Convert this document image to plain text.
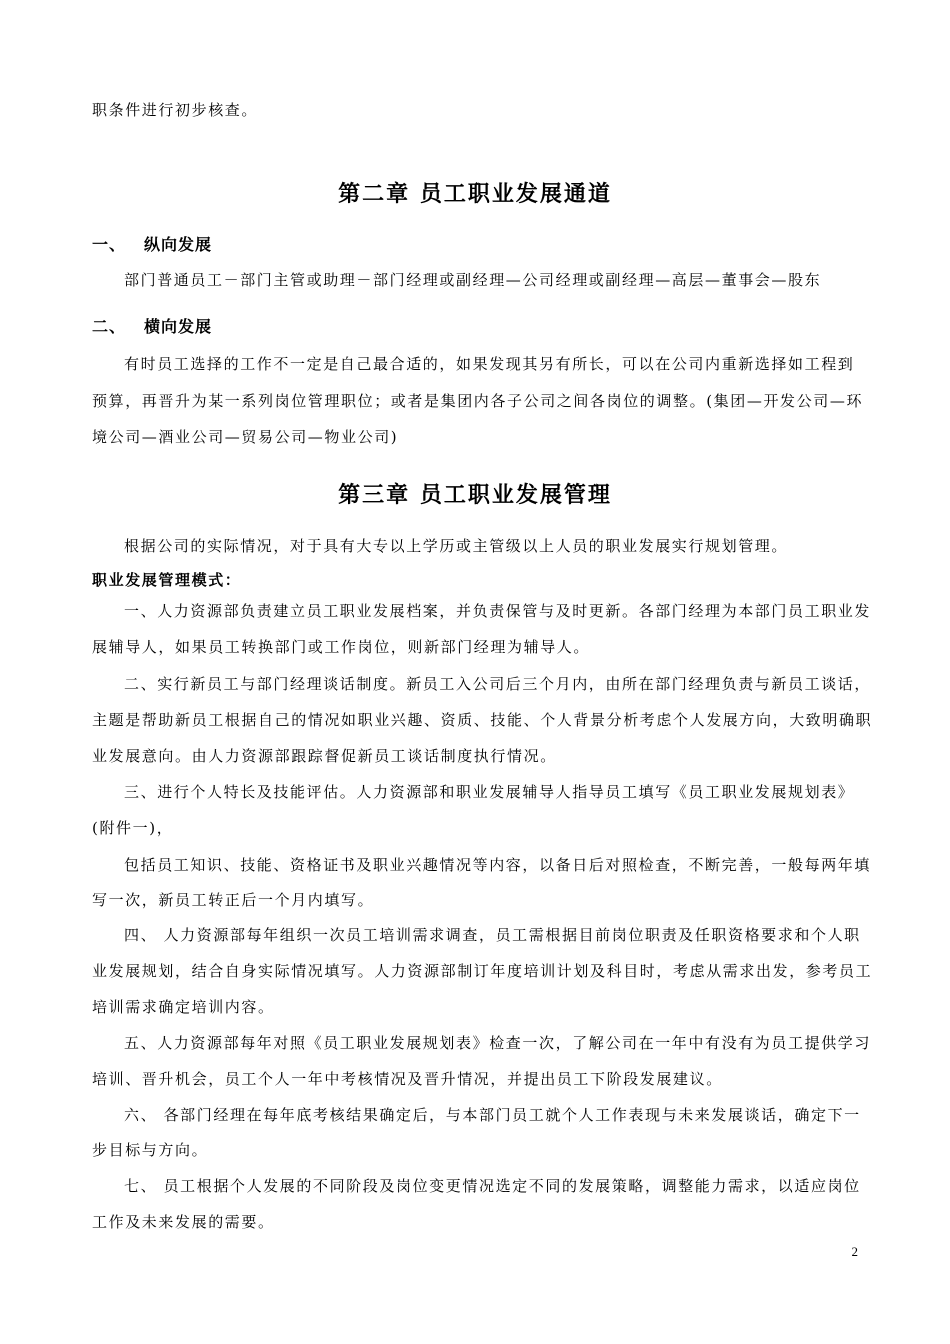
职条件进行初步核查。
第二章 员工职业发展通道
一、 纵向发展
部门普通员工－部门主管或助理－部门经理或副经理—公司经理或副经理—高层—董事会—股东
二、 横向发展
有时员工选择的工作不一定是自己最合适的，如果发现其另有所长，可以在公司内重新选择如工程到
预算，再晋升为某一系列岗位管理职位；或者是集团内各子公司之间各岗位的调整。(集团—开发公司—环
境公司—酒业公司—贸易公司—物业公司)
第三章 员工职业发展管理
根据公司的实际情况，对于具有大专以上学历或主管级以上人员的职业发展实行规划管理。
职业发展管理模式：
一、人力资源部负责建立员工职业发展档案，并负责保管与及时更新。各部门经理为本部门员工职业发
展辅导人，如果员工转换部门或工作岗位，则新部门经理为辅导人。
二、实行新员工与部门经理谈话制度。新员工入公司后三个月内，由所在部门经理负责与新员工谈话，
主题是帮助新员工根据自己的情况如职业兴趣、资质、技能、个人背景分析考虑个人发展方向，大致明确职
业发展意向。由人力资源部跟踪督促新员工谈话制度执行情况。
三、进行个人特长及技能评估。人力资源部和职业发展辅导人指导员工填写《员工职业发展规划表》
(附件一)，
包括员工知识、技能、资格证书及职业兴趣情况等内容，以备日后对照检查，不断完善，一般每两年填
写一次，新员工转正后一个月内填写。
四、 人力资源部每年组织一次员工培训需求调查，员工需根据目前岗位职责及任职资格要求和个人职
业发展规划，结合自身实际情况填写。人力资源部制订年度培训计划及科目时，考虑从需求出发，参考员工
培训需求确定培训内容。
五、人力资源部每年对照《员工职业发展规划表》检查一次，了解公司在一年中有没有为员工提供学习
培训、晋升机会，员工个人一年中考核情况及晋升情况，并提出员工下阶段发展建议。
六、 各部门经理在每年底考核结果确定后，与本部门员工就个人工作表现与未来发展谈话，确定下一
步目标与方向。
七、 员工根据个人发展的不同阶段及岗位变更情况选定不同的发展策略，调整能力需求，以适应岗位
工作及未来发展的需要。
2
